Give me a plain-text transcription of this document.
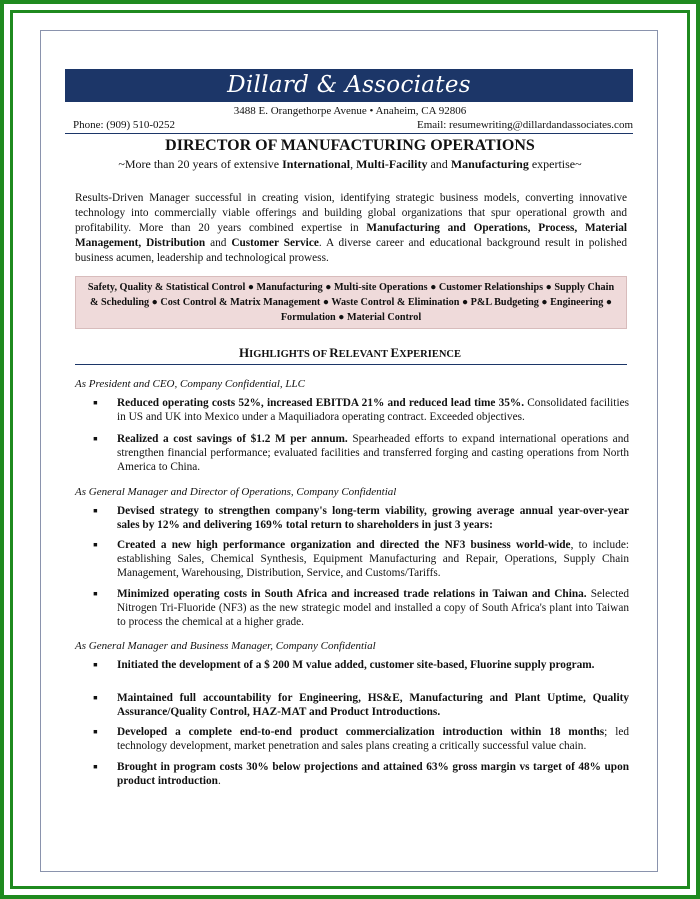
Dillard & Associates
3488 E. Orangethorpe Avenue • Anaheim, CA 92806
Phone: (909) 510-0252	Email: resumewriting@dillardandassociates.com
DIRECTOR OF MANUFACTURING OPERATIONS
~More than 20 years of extensive International, Multi-Facility and Manufacturing expertise~
Results-Driven Manager successful in creating vision, identifying strategic business models, converting innovative technology into commercially viable offerings and building global organizations that spur operational growth and profitability. More than 20 years combined expertise in Manufacturing and Operations, Process, Material Management, Distribution and Customer Service. A diverse career and educational background result in polished business acumen, leadership and technological prowess.
Safety, Quality & Statistical Control ● Manufacturing ● Multi-site Operations ● Customer Relationships ● Supply Chain & Scheduling ● Cost Control & Matrix Management ● Waste Control & Elimination ● P&L Budgeting ● Engineering ● Formulation ● Material Control
HIGHLIGHTS OF RELEVANT EXPERIENCE
As President and CEO, Company Confidential, LLC
▪ Reduced operating costs 52%, increased EBITDA 21% and reduced lead time 35%. Consolidated facilities in US and UK into Mexico under a Maquiliadora operating contract. Exceeded objectives.
▪ Realized a cost savings of $1.2 M per annum. Spearheaded efforts to expand international operations and strengthen financial performance; evaluated facilities and transferred forging and casting operations from North America to China.
As General Manager and Director of Operations, Company Confidential
▪ Devised strategy to strengthen company's long-term viability, growing average annual year-over-year sales by 12% and delivering 169% total return to shareholders in just 3 years:
▪ Created a new high performance organization and directed the NF3 business world-wide, to include: establishing Sales, Chemical Synthesis, Equipment Manufacturing and Repair, Operations, Supply Chain Management, Warehousing, Distribution, Service, and Customs/Tariffs.
▪ Minimized operating costs in South Africa and increased trade relations in Taiwan and China. Selected Nitrogen Tri-Fluoride (NF3) as the new strategic model and installed a copy of South Africa's plant into Taiwan to process the chemical at a higher grade.
As General Manager and Business Manager, Company Confidential
▪ Initiated the development of a $ 200 M value added, customer site-based, Fluorine supply program.
▪ Maintained full accountability for Engineering, HS&E, Manufacturing and Plant Uptime, Quality Assurance/Quality Control, HAZ-MAT and Product Introductions.
▪ Developed a complete end-to-end product commercialization introduction within 18 months; led technology development, market penetration and sales plans creating a critically successful value chain.
▪ Brought in program costs 30% below projections and attained 63% gross margin vs target of 48% upon product introduction.
